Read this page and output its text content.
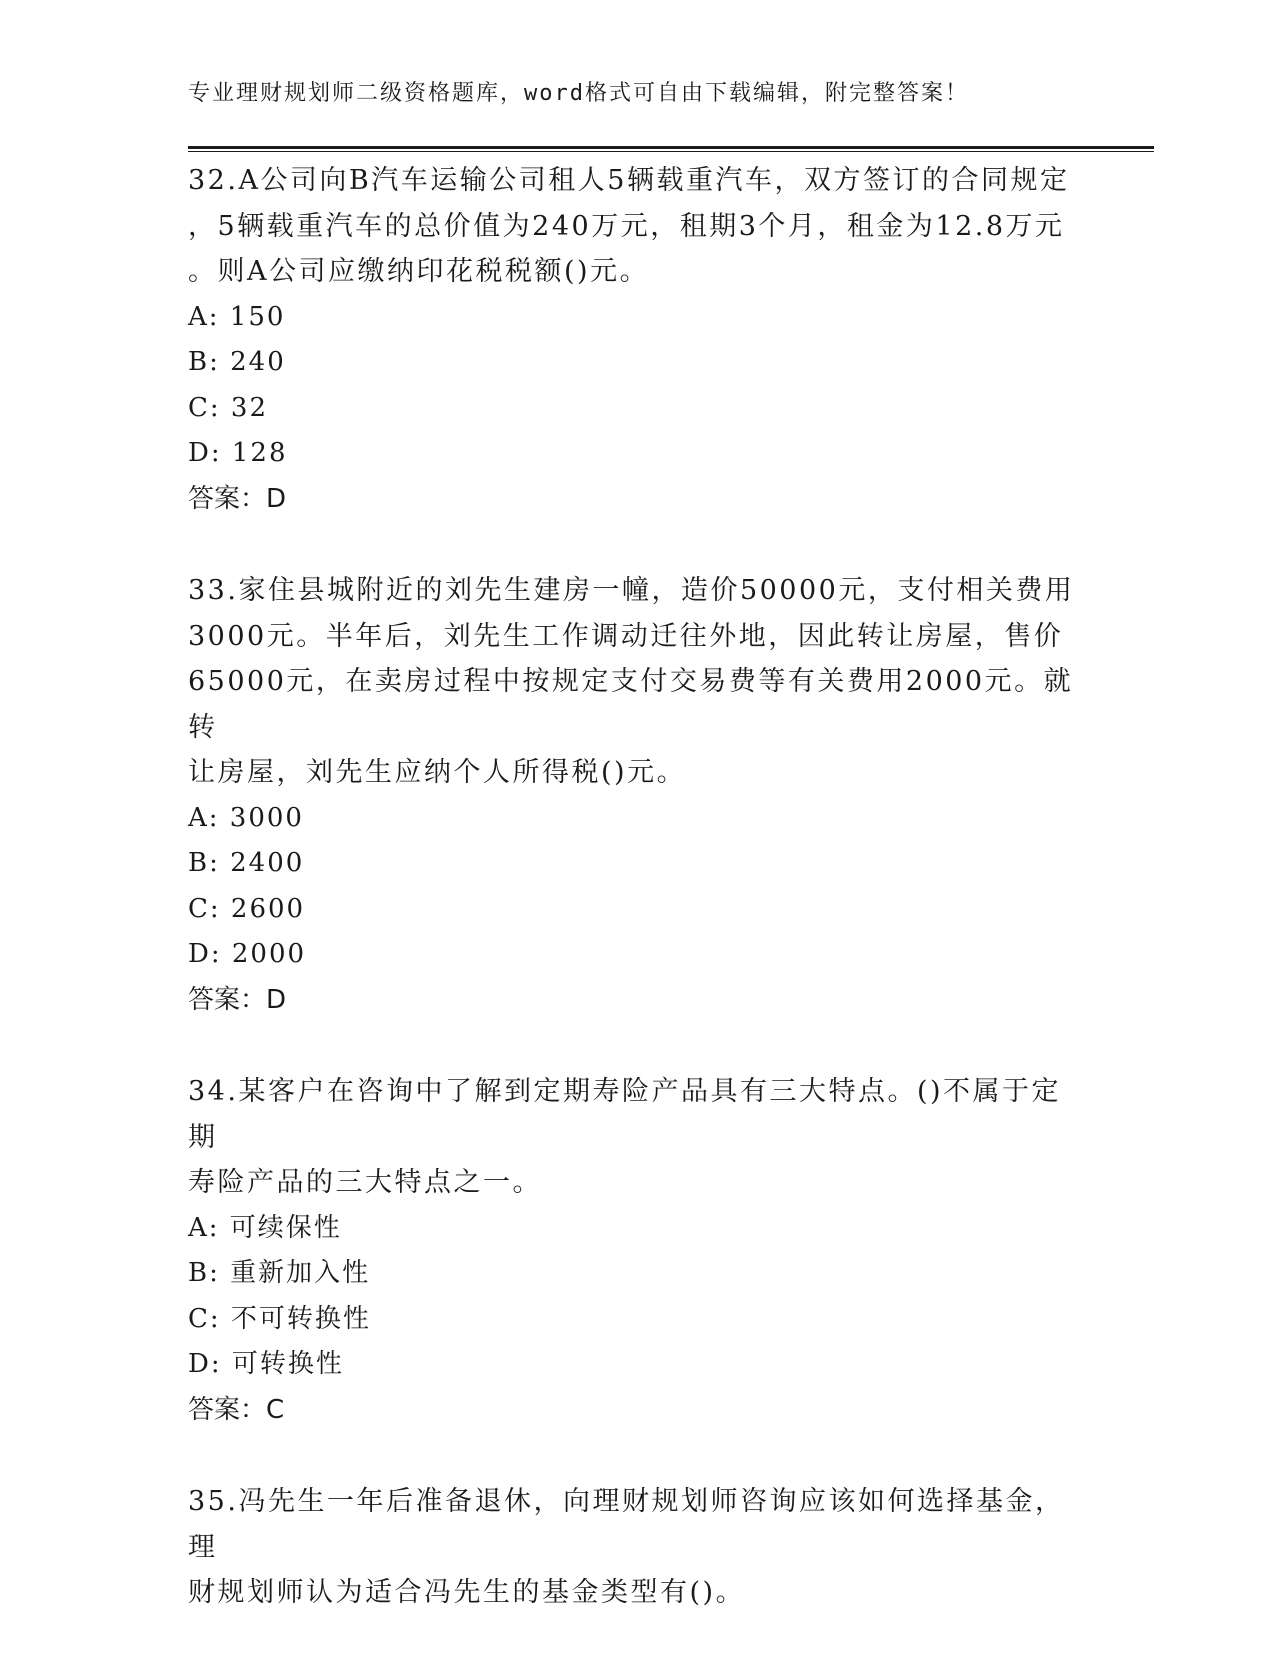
专业理财规划师二级资格题库，word格式可自由下载编辑，附完整答案！

32.A公司向B汽车运输公司租人5辆载重汽车，双方签订的合同规定

，5辆载重汽车的总价值为240万元，租期3个月，租金为12.8万元

。则A公司应缴纳印花税税额()元。

A: 150

B: 240

C: 32

D: 128

答案：D

33.家住县城附近的刘先生建房一幢，造价50000元，支付相关费用

3000元。半年后，刘先生工作调动迁往外地，因此转让房屋，售价

65000元，在卖房过程中按规定支付交易费等有关费用2000元。就转

让房屋，刘先生应纳个人所得税()元。

A: 3000

B: 2400

C: 2600

D: 2000

答案：D

34.某客户在咨询中了解到定期寿险产品具有三大特点。()不属于定期

寿险产品的三大特点之一。

A: 可续保性

B: 重新加入性

C: 不可转换性

D: 可转换性

答案：C

35.冯先生一年后准备退休，向理财规划师咨询应该如何选择基金，理

财规划师认为适合冯先生的基金类型有()。
